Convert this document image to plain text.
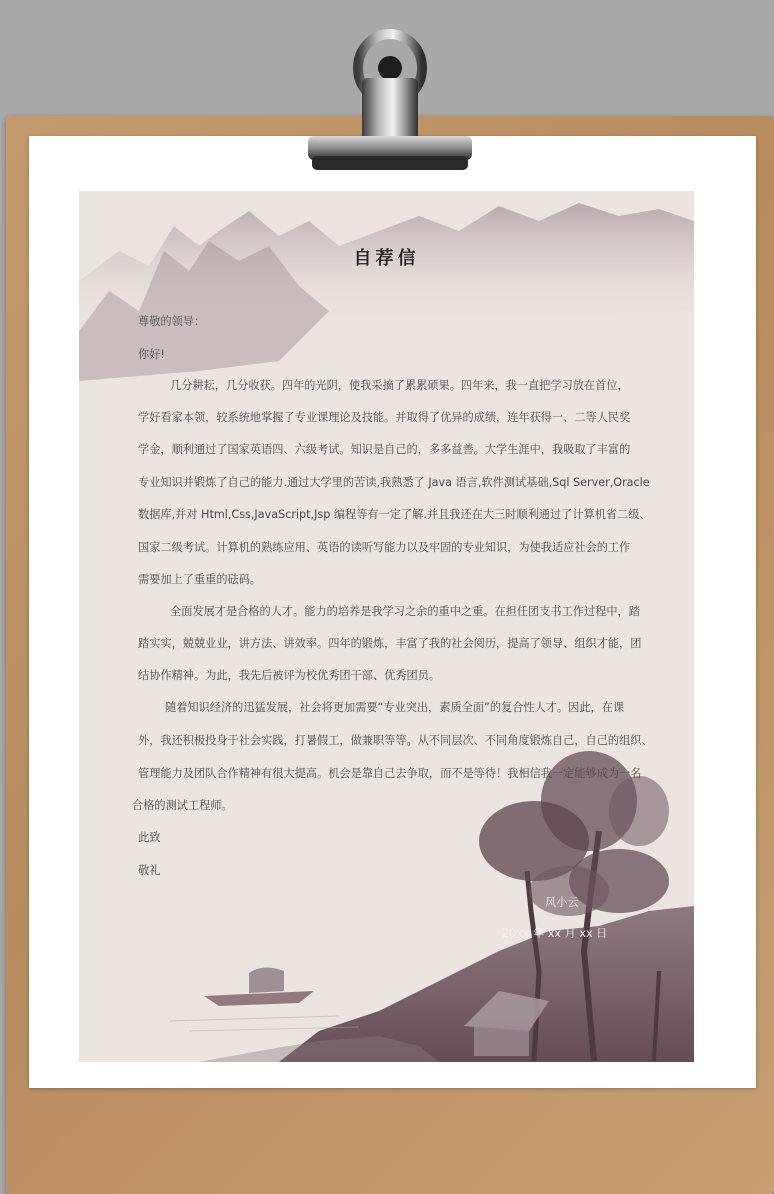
自荐信
尊敬的领导：
你好!
几分耕耘，几分收获。四年的光阴，使我采摘了累累硕果。四年来，我一直把学习放在首位，
学好看家本领，较系统地掌握了专业课理论及技能。并取得了优异的成绩，连年获得一、二等人民奖
学金，顺利通过了国家英语四、六级考试。知识是自己的，多多益善。大学生涯中，我吸取了丰富的
专业知识并锻炼了自己的能力.通过大学里的苦读,我熟悉了 Java 语言,软件测试基础,Sql Server,Oracle
数据库,并对 Html,Css,JavaScript,Jsp 编程等有一定了解.并且我还在大三时顺利通过了计算机省二级、
国家二级考试。计算机的熟练应用、英语的读听写能力以及牢固的专业知识，为使我适应社会的工作
需要加上了重重的砝码。
全面发展才是合格的人才。能力的培养是我学习之余的重中之重。在担任团支书工作过程中，踏
踏实实，兢兢业业，讲方法、讲效率。四年的锻炼，丰富了我的社会阅历，提高了领导、组织才能，团
结协作精神。为此，我先后被评为校优秀团干部、优秀团员。
随着知识经济的迅猛发展，社会将更加需要“专业突出，素质全面”的复合性人才。因此，在课
外，我还积极投身于社会实践，打暑假工，做兼职等等。从不同层次、不同角度锻炼自己，自己的组织、
管理能力及团队合作精神有很大提高。机会是靠自己去争取，而不是等待！我相信我一定能够成为一名
合格的测试工程师。
此致
敬礼
风小云
20xx 年 xx 月 xx 日
